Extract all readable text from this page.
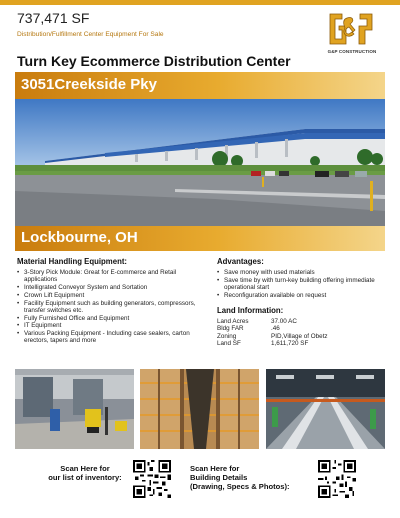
737,471 SF
Distribution/Fulfillment Center Equipment For Sale
G&P CONSTRUCTION
Turn Key Ecommerce Distribution Center
3051Creekside Pky
Lockbourne, OH
Material Handling Equipment:
• 3-Story Pick Module: Great for E-commerce and Retail applications
• Intelligrated Conveyor System and Sortation
• Crown Lift Equipment
• Facility Equipment such as building generators, compressors, transfer switches etc.
• Fully Furnished Office and Equipment
• IT Equipment
• Various Packing Equipment - Including case sealers, carton erectors, tapers and more
Advantages:
• Save money with used materials
• Save time by with turn-key building offering immediate operational start
• Reconfiguration available on request
Land Information:
Land Acres	37.00 AC
Bldg FAR	.46
Zoning	PID,Village of Obetz
Land SF	1,611,720 SF
Scan Here for
our list of inventory:
Scan Here for
Building Details
(Drawing, Specs & Photos):
